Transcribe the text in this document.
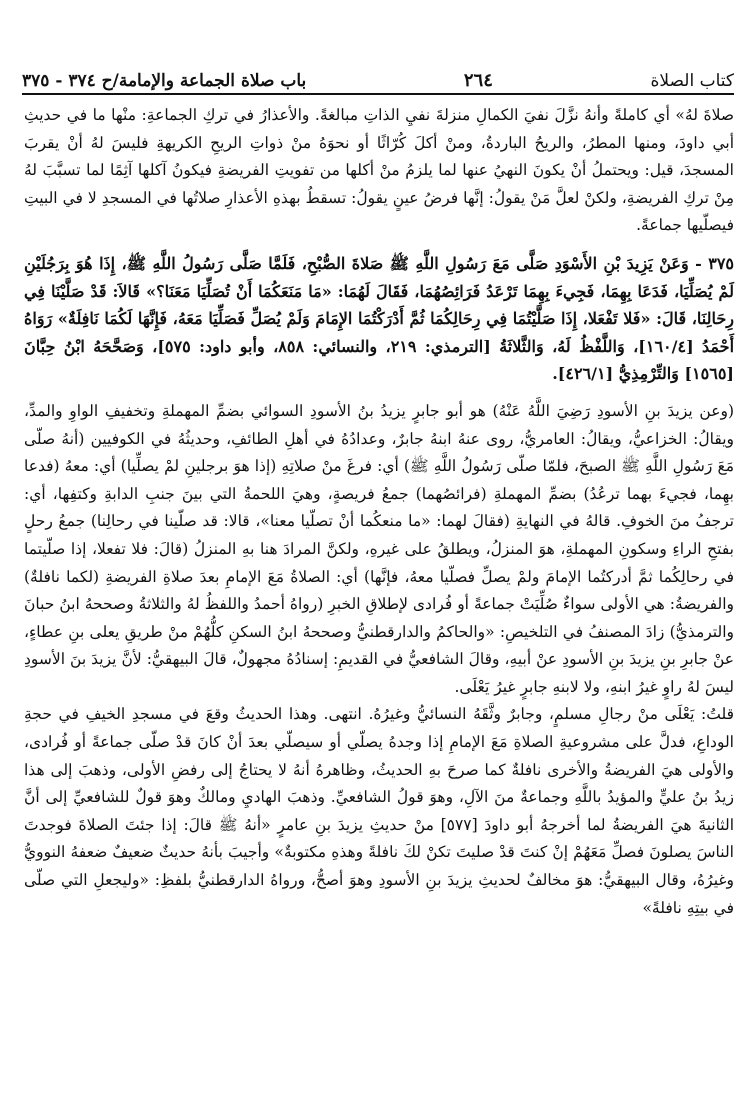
كتاب الصلاة
٢٦٤
باب صلاة الجماعة والإمامة/ح ٣٧٤ - ٣٧٥

صلاةَ لهُ» أي كاملةً وأنهُ نزَّلَ نفيَ الكمالِ منزلةَ نفيِ الذاتِ مبالغةً. والأعذارُ في تركِ الجماعةِ: منْها ما في حديثِ أبي داودَ، ومنها المطرُ، والريحُ الباردةُ، ومنْ أكلَ كُرّاثًا أو نحوَهُ منْ ذواتِ الريحِ الكريهةِ فليسَ لهُ أنْ يقربَ المسجدَ، قيل: ويحتملُ أنْ يكونَ النهيُ عنها لما يلزمُ منْ أكلها من تفويتِ الفريضةِ فيكونُ آكلها آثِمًا لما تسبَّبَ لهُ مِنْ تركِ الفريضةِ، ولكنْ لعلَّ مَنْ يقولُ: إنَّها فرضُ عينٍ يقولُ: تسقطُ بهذهِ الأعذارِ صلاتُها في المسجدِ لا في البيتِ فيصلّيها جماعةً.

٣٧٥ - وَعَنْ يَزِيدَ بْنِ الأَسْوَدِ صَلَّى مَعَ رَسُولِ اللَّهِ ﷺ صَلاةَ الصُّبْحِ، فَلَمَّا صَلَّى رَسُولُ اللَّهِ ﷺ، إِذَا هُوَ بِرَجُلَيْنِ لَمْ يُصَلِّيَا، فَدَعَا بِهِمَا، فَجِيءَ بِهِمَا تَرْعَدُ فَرَائِصُهُمَا، فَقَالَ لَهُمَا: «مَا مَنَعَكُمَا أَنْ تُصَلِّيَا مَعَنَا؟» قَالاَ: قَدْ صَلَّيْنَا فِي رِحَالِنَا، قَالَ: «فَلا تَفْعَلا، إِذَا صَلَّيْتُمَا فِي رِحَالِكُمَا ثُمَّ أَدْرَكْتُمَا الإِمَامَ وَلَمْ يُصَلِّ فَصَلِّيَا مَعَهُ، فَإِنَّهَا لَكُمَا نَافِلَةٌ» رَوَاهُ أَحْمَدُ [١٦٠/٤]، وَاللَّفْظُ لَهُ، وَالثَّلاثَةُ [الترمذي: ٢١٩، والنسائي: ٨٥٨، وأبو داود: ٥٧٥]، وَصَحَّحَهُ ابْنُ حِبَّانَ [١٥٦٥] وَالتِّرْمِذِيُّ [٤٢٦/١].

(وعن يزيدَ بنِ الأسودِ رَضِيَ اللَّهُ عَنْهُ) هو أبو جابرٍ يزيدُ بنُ الأسودِ السوائي بضمِّ المهملةِ وتخفيفِ الواوِ والمدِّ، ويقالُ: الخزاعيُّ، ويقالُ: العامريُّ، روى عنهُ ابنهُ جابرٌ، وعدادُهُ في أهلِ الطائفِ، وحديثُهُ في الكوفيين (أنهُ صلّى مَعَ رَسُولِ اللَّهِ ﷺ الصبحَ، فلمّا صلّى رَسُولُ اللَّهِ ﷺ) أي: فرغَ منْ صلاتِهِ (إذا هوَ برجلينِ لمْ يصلِّيا) أي: معهُ (فدعا بهِما، فجيءَ بهما ترعُدُ) بضمِّ المهملةِ (فرائصُهما) جمعُ فريصةٍ، وهيَ اللحمةُ التي بينَ جنبِ الدابةِ وكتفِها، أي: ترجفُ منَ الخوفِ. قالهُ في النهايةِ (فقالَ لهما: «ما منعكُما أنْ تصلّيا معنا»، قالا: قد صلّينا في رحالِنا) جمعُ رحلٍ بفتحِ الراءِ وسكونِ المهملةِ، هوَ المنزلُ، ويطلقُ على غيرهِ، ولكنَّ المرادَ هنا بهِ المنزلُ (قالَ: فلا تفعلا، إذا صلّيتما في رحالِكُما ثمَّ أدركتُما الإمامَ ولمْ يصلِّ فصلّيا معهُ، فإنَّها) أي: الصلاةُ مَعَ الإمامِ بعدَ صلاةِ الفريضةِ (لكما نافلةٌ) والفريضةُ: هي الأولى سواءٌ صُلِّيَتْ جماعةً أو فُرادى لإطلاقِ الخبرِ (رواهُ أحمدُ واللفظُ لهُ والثلاثةُ وصححهُ ابنُ حبانَ والترمذيُّ) زادَ المصنفُ في التلخيصِ: «والحاكمُ والدارقطنيُّ وصححهُ ابنُ السكنِ كلُّهُمْ منْ طريقِ يعلى بنِ عطاءٍ، عنْ جابرِ بنِ يزيدَ بنِ الأسودِ عنْ أبيهِ، وقالَ الشافعيُّ في القديمِ: إسنادُهُ مجهولٌ، قالَ البيهقيُّ: لأنَّ يزيدَ بنَ الأسودِ ليسَ لهُ راوٍ غيرُ ابنهِ، ولا لابنهِ جابرٍ غيرُ يَعْلَى.

قلتُ: يَعْلَى منْ رجالِ مسلمٍ، وجابرٌ وثَّقَهُ النسائيُّ وغيرُهُ. انتهى. وهذا الحديثُ وقعَ في مسجدِ الخيفِ في حجةِ الوداعِ، فدلَّ على مشروعيةِ الصلاةِ مَعَ الإمامِ إذا وجدهُ يصلّي أو سيصلّي بعدَ أنْ كانَ قدْ صلّى جماعةً أو فُرادى، والأولى هيَ الفريضةُ والأخرى نافلةٌ كما صرحَ بهِ الحديثُ، وظاهرهُ أنهُ لا يحتاجُ إلى رفضِ الأولى، وذهبَ إلى هذا زيدُ بنُ عليٍّ والمؤيدُ باللَّهِ وجماعةٌ منَ الآلِ، وهوَ قولُ الشافعيِّ. وذهبَ الهاديِ ومالكٌ وهوَ قولٌ للشافعيِّ إلى أنَّ الثانيةَ هيَ الفريضةُ لما أخرجهُ أبو داودَ [٥٧٧] منْ حديثِ يزيدَ بنِ عامرٍ «أنهُ ﷺ قالَ: إذا جئتَ الصلاةَ فوجدتَ الناسَ يصلونَ فصلِّ مَعَهُمْ إنْ كنتَ قدْ صليتَ تكنْ لكَ نافلةً وهذهِ مكتوبةٌ» وأجيبَ بأنهُ حديثٌ ضعيفٌ ضعفهُ النوويُّ وغيرُهُ، وقال البيهقيُّ: هوَ مخالفٌ لحديثِ يزيدَ بنِ الأسودِ وهوَ أصحُّ، ورواهُ الدارقطنيُّ بلفظِ: «وليجعلِ التي صلّى في بيتِهِ نافلةً»
